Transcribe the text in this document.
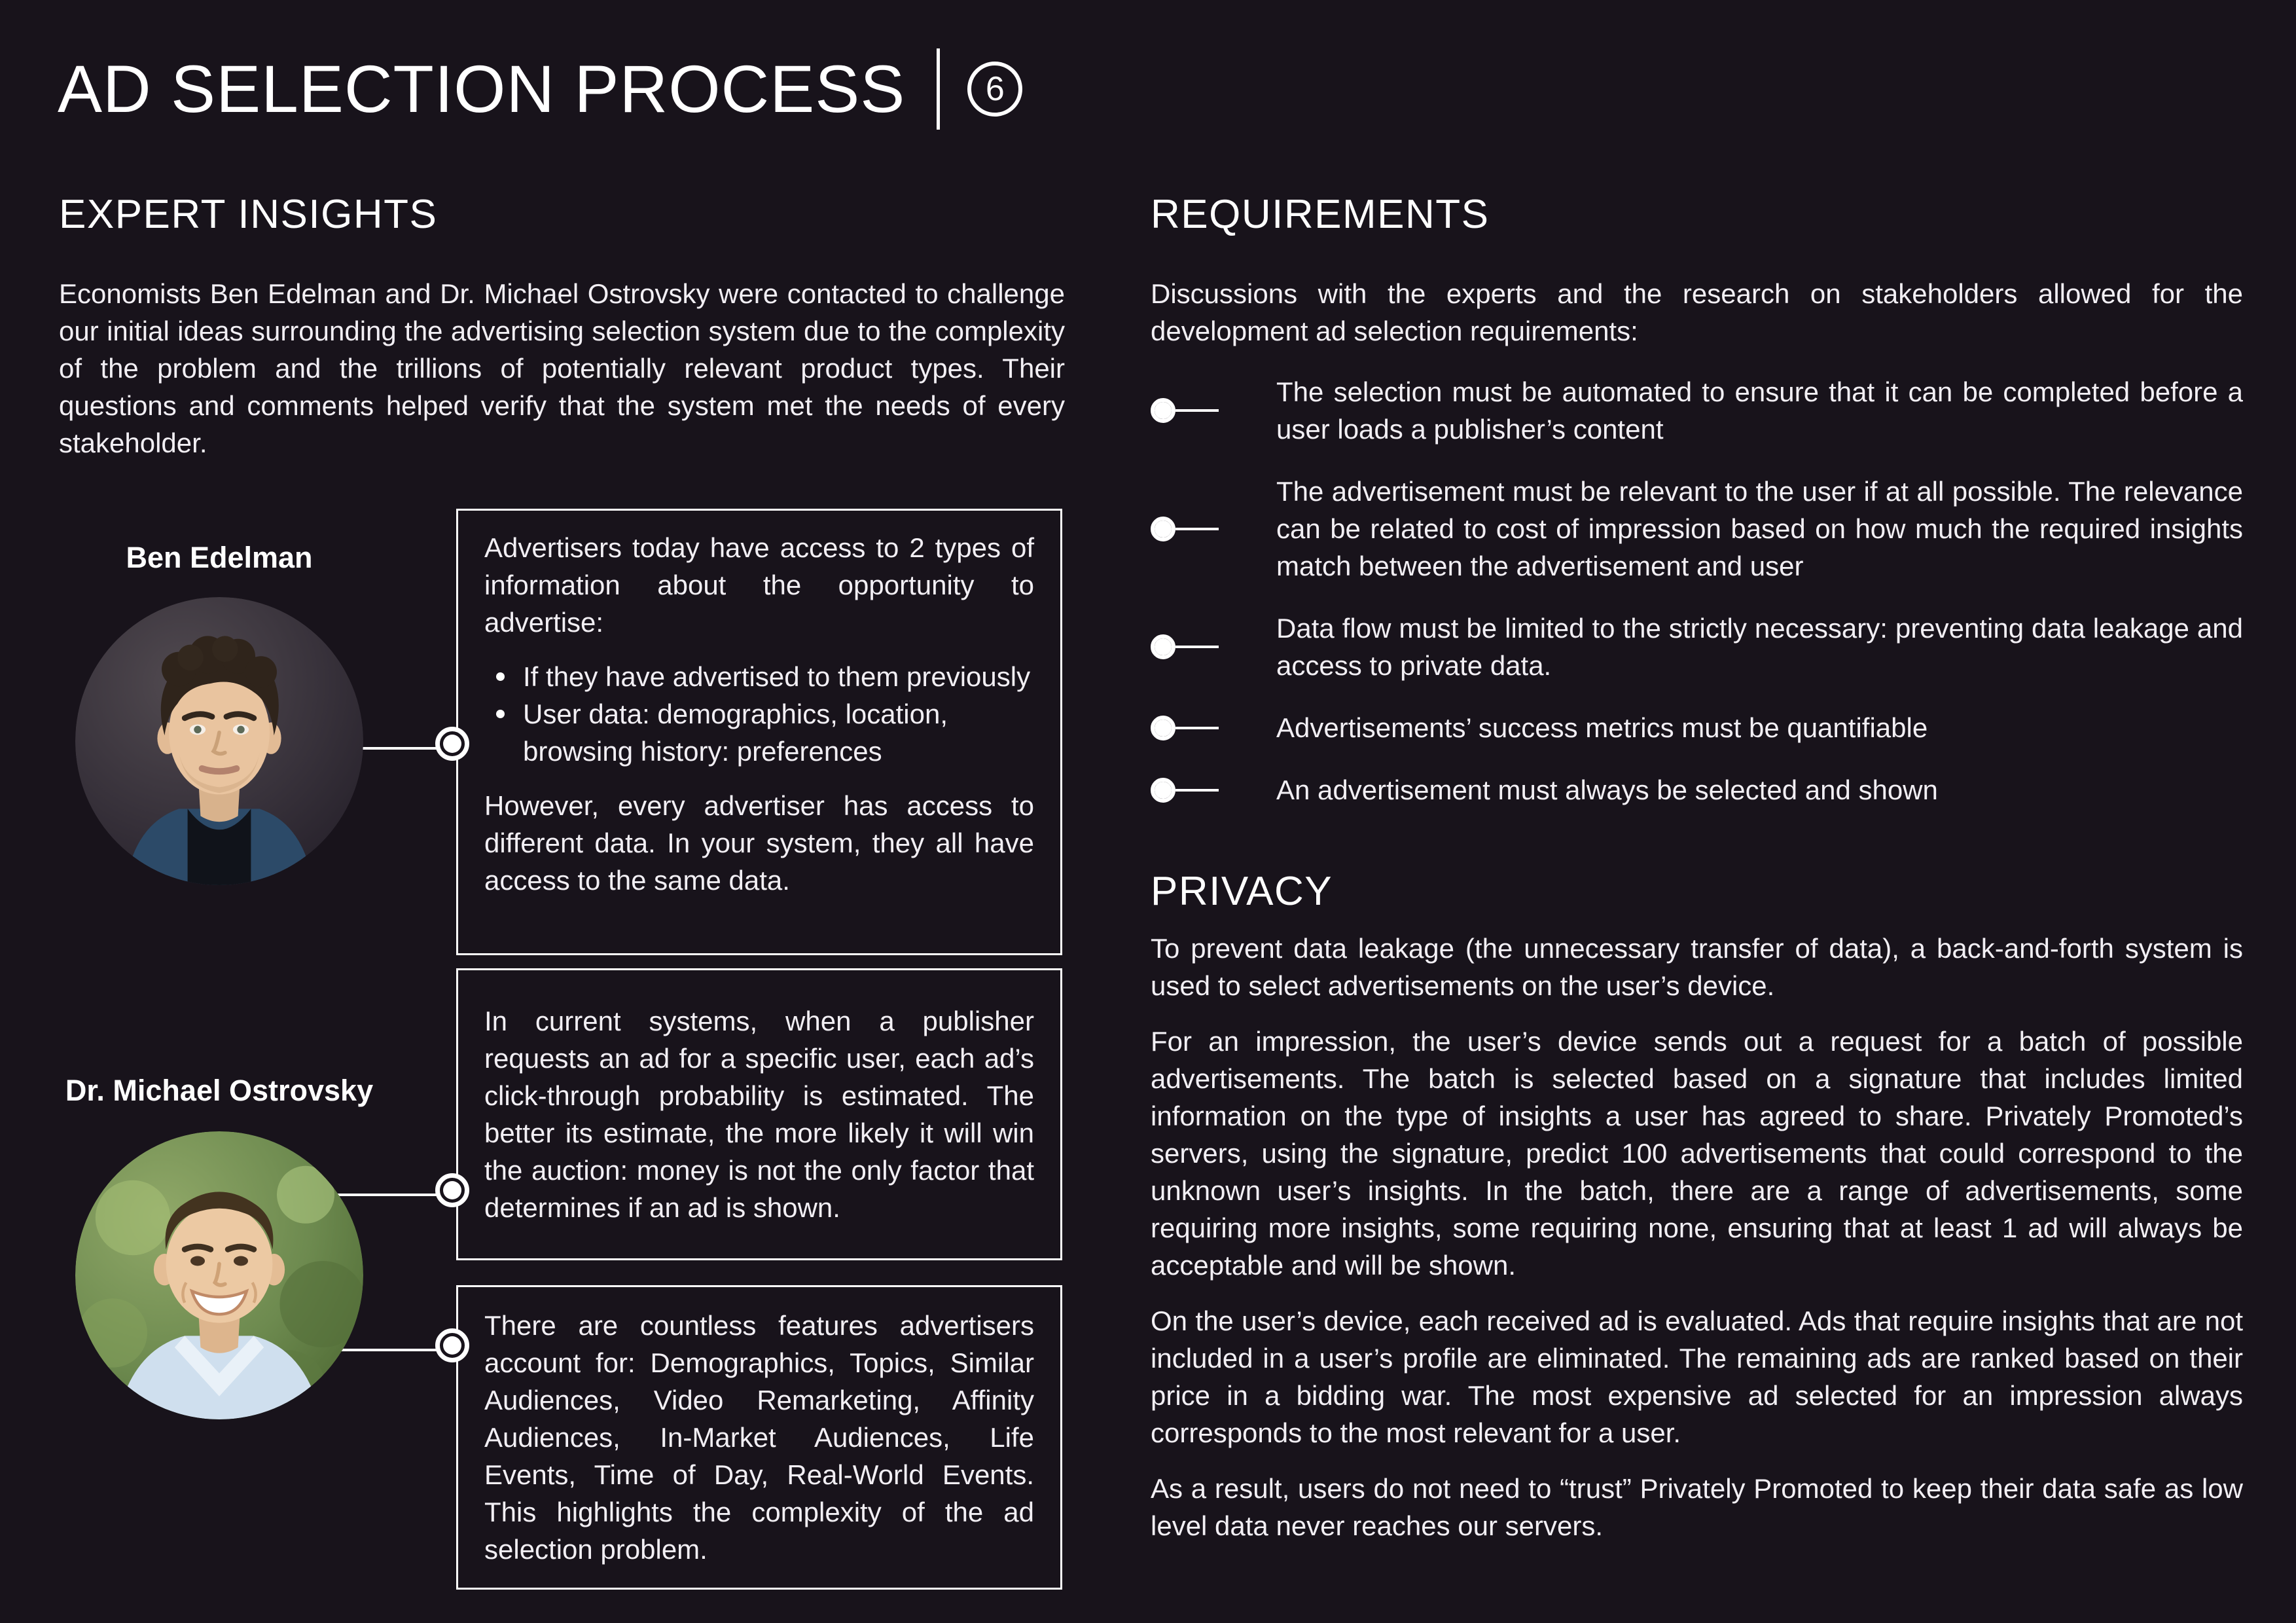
AD SELECTION PROCESS 6
EXPERT INSIGHTS

Economists Ben Edelman and Dr. Michael Ostrovsky were contacted to challenge our initial ideas surrounding the advertising selection system due to the complexity of the problem and the trillions of potentially relevant product types. Their questions and comments helped verify that the system met the needs of every stakeholder.

Ben Edelman
Dr. Michael Ostrovsky

Advertisers today have access to 2 types of information about the opportunity to advertise:

If they have advertised to them previously
User data: demographics, location, browsing history: preferences

However, every advertiser has access to different data. In your system, they all have access to the same data.

In current systems, when a publisher requests an ad for a specific user, each ad’s click-through probability is estimated. The better its estimate, the more likely it will win the auction: money is not the only factor that determines if an ad is shown.

There are countless features advertisers account for: Demographics, Topics, Similar Audiences, Video Remarketing, Affinity Audiences, In-Market Audiences, Life Events, Time of Day, Real-World Events. This highlights the complexity of the ad selection problem.

REQUIREMENTS

Discussions with the experts and the research on stakeholders allowed for the development ad selection requirements:

The selection must be automated to ensure that it can be completed before a user loads a publisher’s content

The advertisement must be relevant to the user if at all possible. The relevance can be related to cost of impression based on how much the required insights match between the advertisement and user

Data flow must be limited to the strictly necessary: preventing data leakage and access to private data.

Advertisements’ success metrics must be quantifiable

An advertisement must always be selected and shown

PRIVACY

To prevent data leakage (the unnecessary transfer of data), a back-and-forth system is used to select advertisements on the user’s device.

For an impression, the user’s device sends out a request for a batch of possible advertisements. The batch is selected based on a signature that includes limited information on the type of insights a user has agreed to share. Privately Promoted’s servers, using the signature, predict 100 advertisements that could correspond to the unknown user’s insights. In the batch, there are a range of advertisements, some requiring more insights, some requiring none, ensuring that at least 1 ad will always be acceptable and will be shown.

On the user’s device, each received ad is evaluated. Ads that require insights that are not included in a user’s profile are eliminated. The remaining ads are ranked based on their price in a bidding war. The most expensive ad selected for an impression always corresponds to the most relevant for a user.

As a result, users do not need to “trust” Privately Promoted to keep their data safe as low level data never reaches our servers.
